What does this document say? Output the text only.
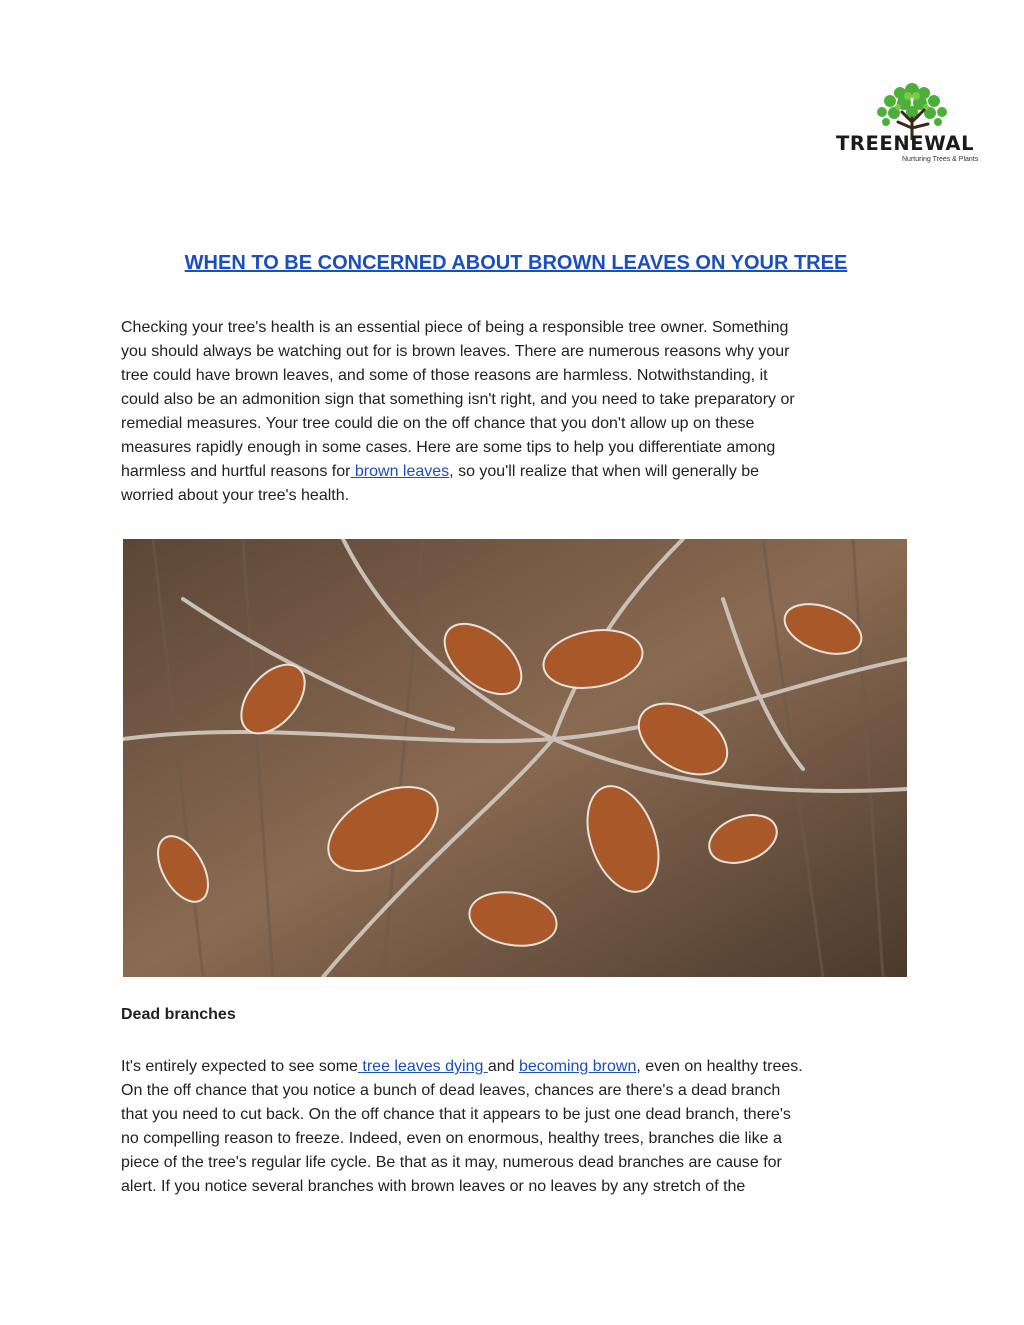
TREENEWAL
Nurturing Trees & Plants
WHEN TO BE CONCERNED ABOUT BROWN LEAVES ON YOUR TREE
Checking your tree's health is an essential piece of being a responsible tree owner. Something
you should always be watching out for is brown leaves. There are numerous reasons why your
tree could have brown leaves, and some of those reasons are harmless. Notwithstanding, it
could also be an admonition sign that something isn't right, and you need to take preparatory or
remedial measures. Your tree could die on the off chance that you don't allow up on these
measures rapidly enough in some cases. Here are some tips to help you differentiate among
harmless and hurtful reasons for brown leaves, so you'll realize that when will generally be
worried about your tree's health.
Dead branches
It's entirely expected to see some tree leaves dying and becoming brown, even on healthy trees.
On the off chance that you notice a bunch of dead leaves, chances are there's a dead branch
that you need to cut back. On the off chance that it appears to be just one dead branch, there's
no compelling reason to freeze. Indeed, even on enormous, healthy trees, branches die like a
piece of the tree's regular life cycle. Be that as it may, numerous dead branches are cause for
alert. If you notice several branches with brown leaves or no leaves by any stretch of the
